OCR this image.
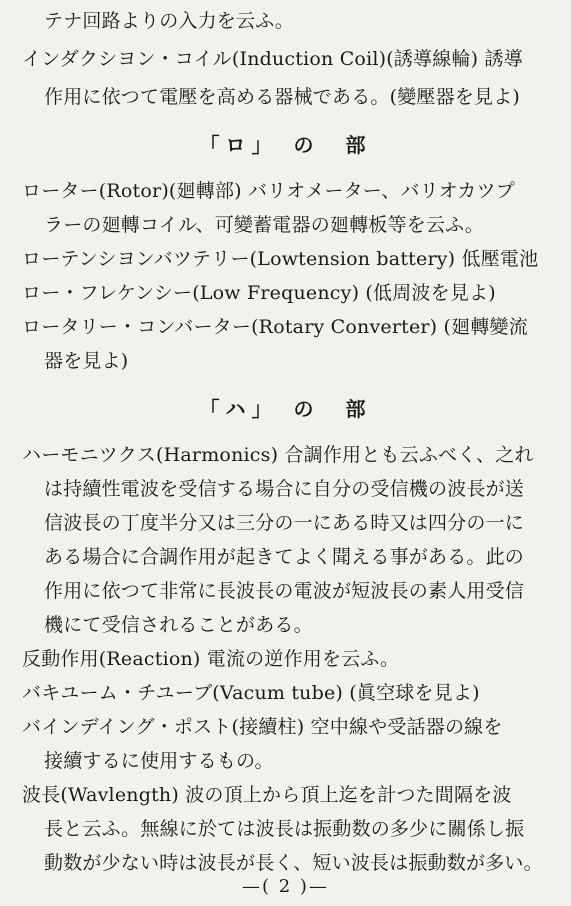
テナ回路よりの入力を云ふ。
インダクシヨン・コイル(Induction Coil)(誘導線輪) 誘導
作用に依つて電壓を高める器械である。(變壓器を見よ)
「ロ」　の　部
ローター(Rotor)(廻轉部) バリオメーター、バリオカツプ
ラーの廻轉コイル、可變蓄電器の廻轉板等を云ふ。
ローテンシヨンバツテリー(Lowtension battery) 低壓電池
ロー・フレケンシー(Low Frequency) (低周波を見よ)
ロータリー・コンバーター(Rotary Converter) (廻轉變流
器を見よ)
「ハ」　の　部
ハーモニツクス(Harmonics) 合調作用とも云ふべく、之れ
は持續性電波を受信する場合に自分の受信機の波長が送
信波長の丁度半分又は三分の一にある時又は四分の一に
ある場合に合調作用が起きてよく聞える事がある。此の
作用に依つて非常に長波長の電波が短波長の素人用受信
機にて受信されることがある。
反動作用(Reaction) 電流の逆作用を云ふ。
バキユーム・チユーブ(Vacum tube) (眞空球を見よ)
バインデイング・ポスト(接續柱) 空中線や受話器の線を
接續するに使用するもの。
波長(Wavlength) 波の頂上から頂上迄を計つた間隔を波
長と云ふ。無線に於ては波長は振動数の多少に關係し振
動数が少ない時は波長が長く、短い波長は振動数が多い。
—( 2 )—
